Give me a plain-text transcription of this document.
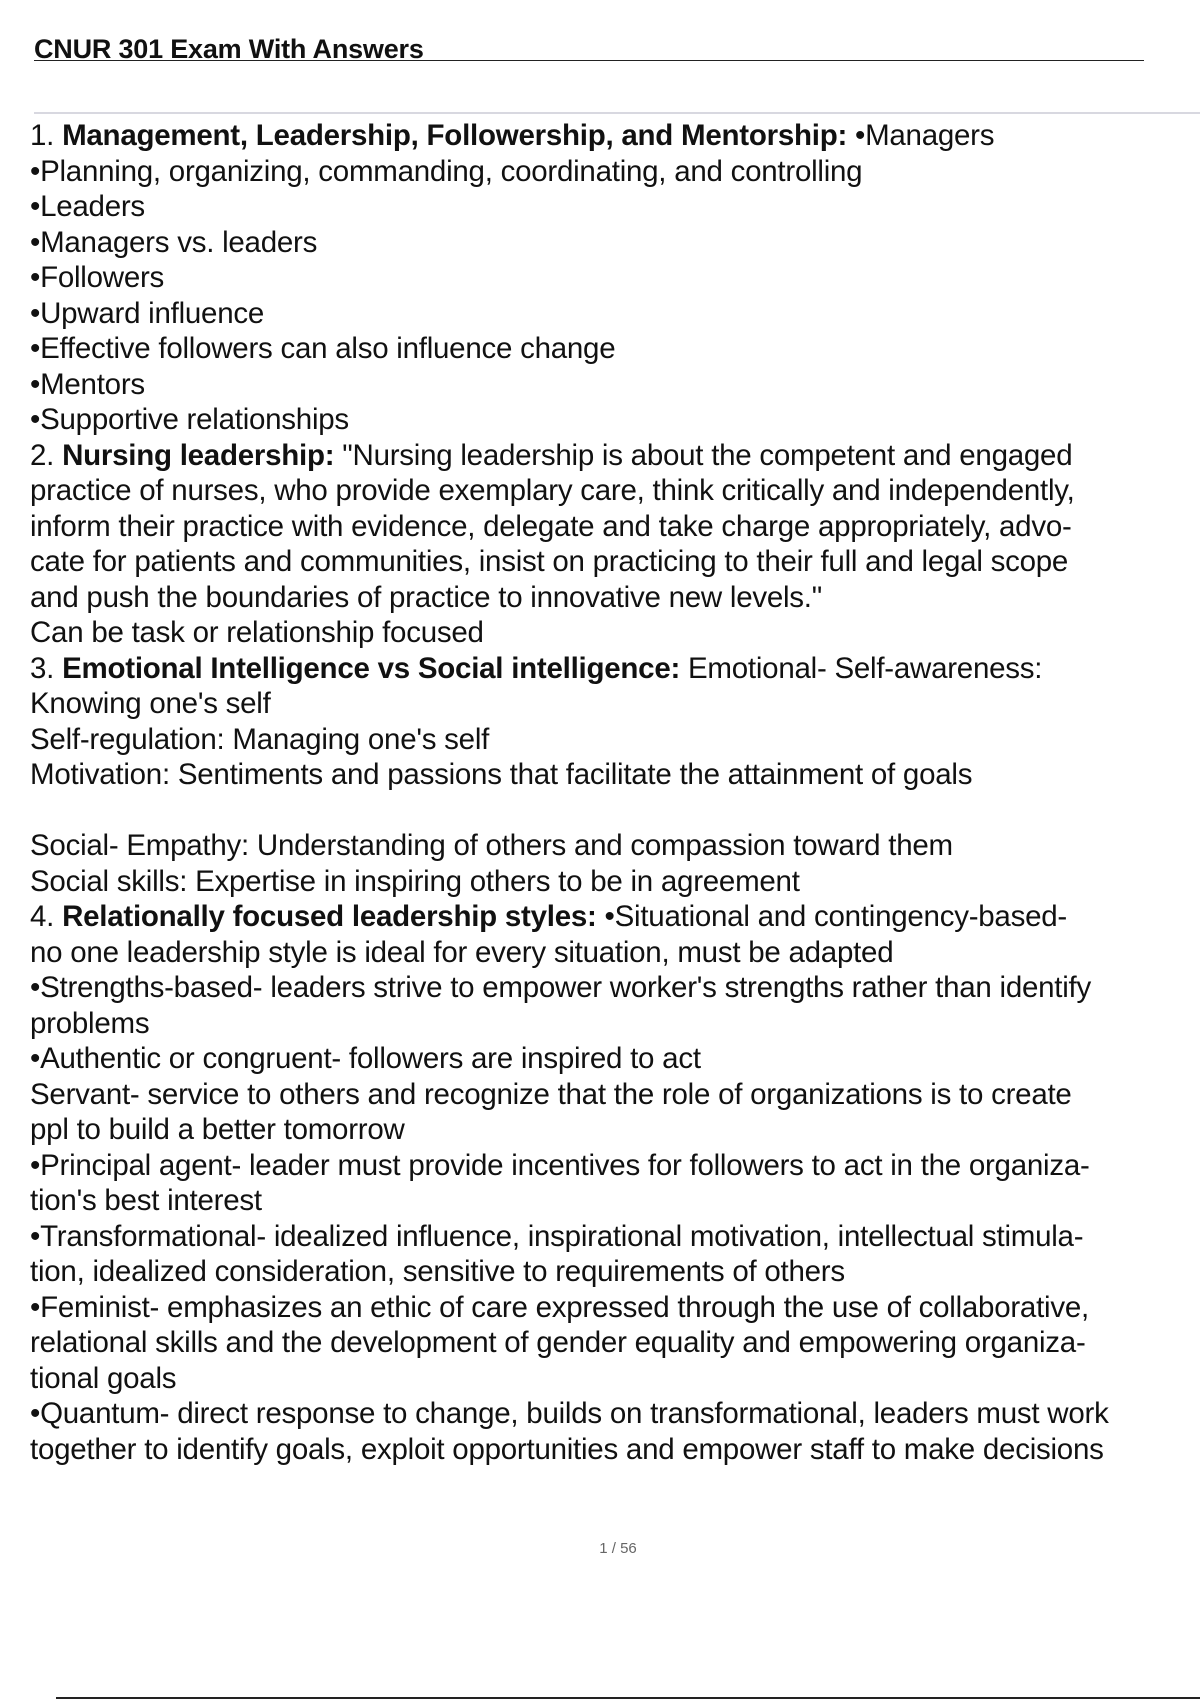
CNUR 301 Exam With Answers
1. Management, Leadership, Followership, and Mentorship: •Managers
•Planning, organizing, commanding, coordinating, and controlling
•Leaders
•Managers vs. leaders
•Followers
•Upward influence
•Effective followers can also influence change
•Mentors
•Supportive relationships
2. Nursing leadership: "Nursing leadership is about the competent and engaged
practice of nurses, who provide exemplary care, think critically and independently,
inform their practice with evidence, delegate and take charge appropriately, advo-
cate for patients and communities, insist on practicing to their full and legal scope
and push the boundaries of practice to innovative new levels."
Can be task or relationship focused
3. Emotional Intelligence vs Social intelligence: Emotional- Self-awareness:
Knowing one's self
Self-regulation: Managing one's self
Motivation: Sentiments and passions that facilitate the attainment of goals
Social- Empathy: Understanding of others and compassion toward them
Social skills: Expertise in inspiring others to be in agreement
4. Relationally focused leadership styles: •Situational and contingency-based-
no one leadership style is ideal for every situation, must be adapted
•Strengths-based- leaders strive to empower worker's strengths rather than identify
problems
•Authentic or congruent- followers are inspired to act
Servant- service to others and recognize that the role of organizations is to create
ppl to build a better tomorrow
•Principal agent- leader must provide incentives for followers to act in the organiza-
tion's best interest
•Transformational- idealized influence, inspirational motivation, intellectual stimula-
tion, idealized consideration, sensitive to requirements of others
•Feminist- emphasizes an ethic of care expressed through the use of collaborative,
relational skills and the development of gender equality and empowering organiza-
tional goals
•Quantum- direct response to change, builds on transformational, leaders must work
together to identify goals, exploit opportunities and empower staff to make decisions
1 / 56
